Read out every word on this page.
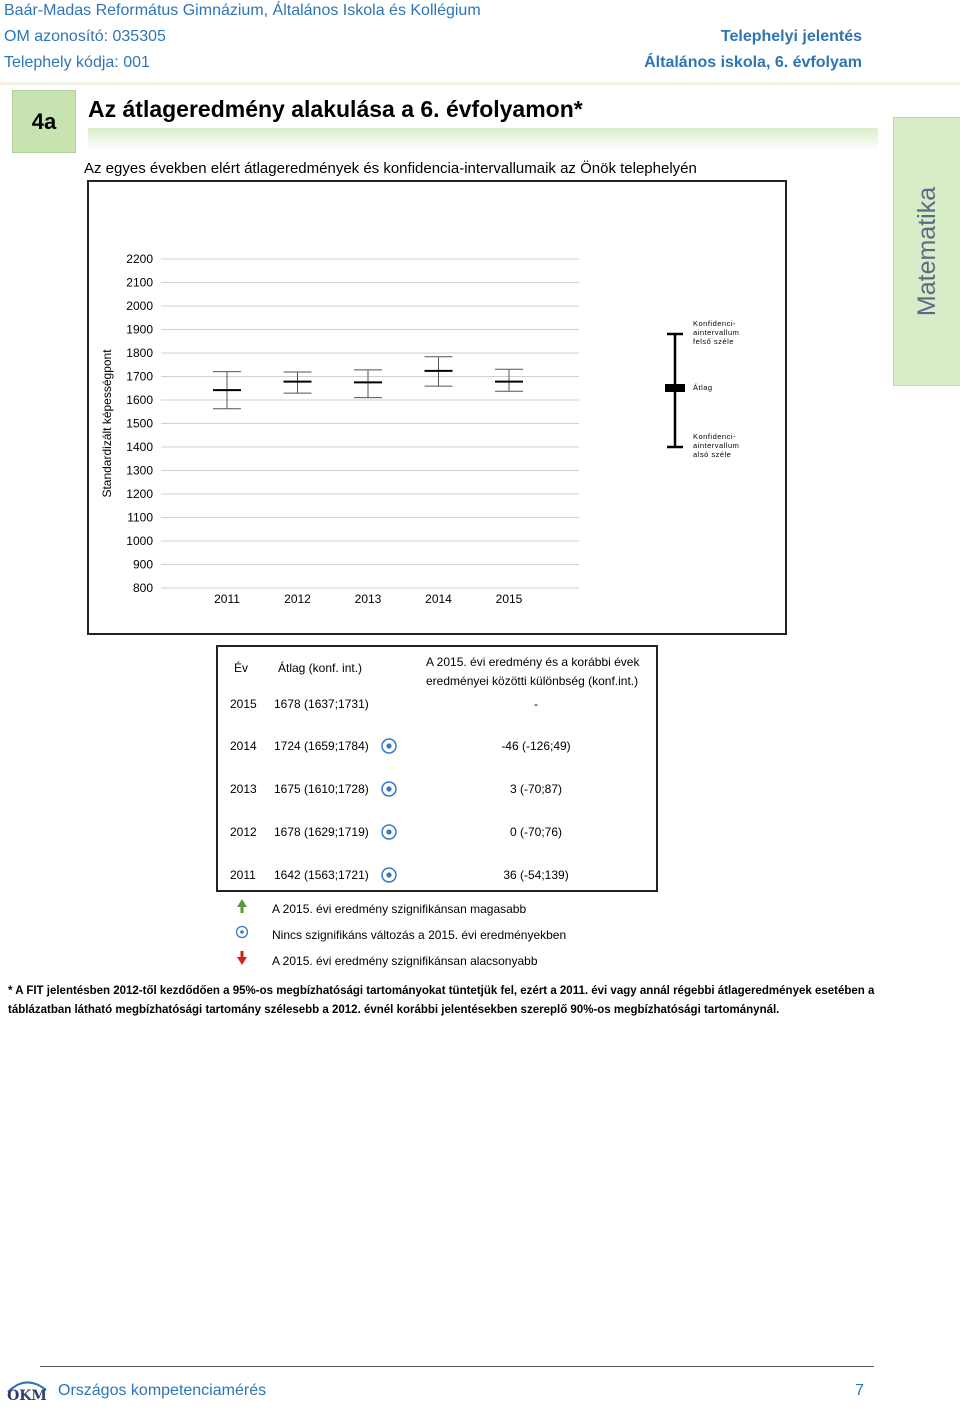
Baár-Madas Református Gimnázium, Általános Iskola és Kollégium
OM azonosító: 035305
Telephely kódja: 001
Telephelyi jelentés
Általános iskola, 6. évfolyam
4a Az átlageredmény alakulása a 6. évfolyamon*
Az egyes években elért átlageredmények és konfidencia-intervallumaik az Önök telephelyén
Matematika
800
900
1000
1100
1200
1300
1400
1500
1600
1700
1800
1900
2000
2100
2200
Standardizált képességpont
2011	2012	2013	2014	2015
Konfidenci-
aintervallum
felső széle
Átlag
Konfidenci-
aintervallum
alsó széle
Év Átlag (konf. int.)	A 2015. évi eredmény és a korábbi évek
eredményei közötti különbség (konf.int.)
2015 1678 (1637;1731)	-
2014 1724 (1659;1784)	-46 (-126;49)
2013 1675 (1610;1728)	3 (-70;87)
2012 1678 (1629;1719)	0 (-70;76)
2011 1642 (1563;1721)	36 (-54;139)
A 2015. évi eredmény szignifikánsan magasabb
Nincs szignifikáns változás a 2015. évi eredményekben
A 2015. évi eredmény szignifikánsan alacsonyabb
* A FIT jelentésben 2012-től kezdődően a 95%-os megbízhatósági tartományokat tüntetjük fel, ezért a 2011. évi vagy annál régebbi átlageredmények esetében a táblázatban látható megbízhatósági tartomány szélesebb a 2012. évnél korábbi jelentésekben szereplő 90%-os megbízhatósági tartománynál.
OKM Országos kompetenciamérés	7
